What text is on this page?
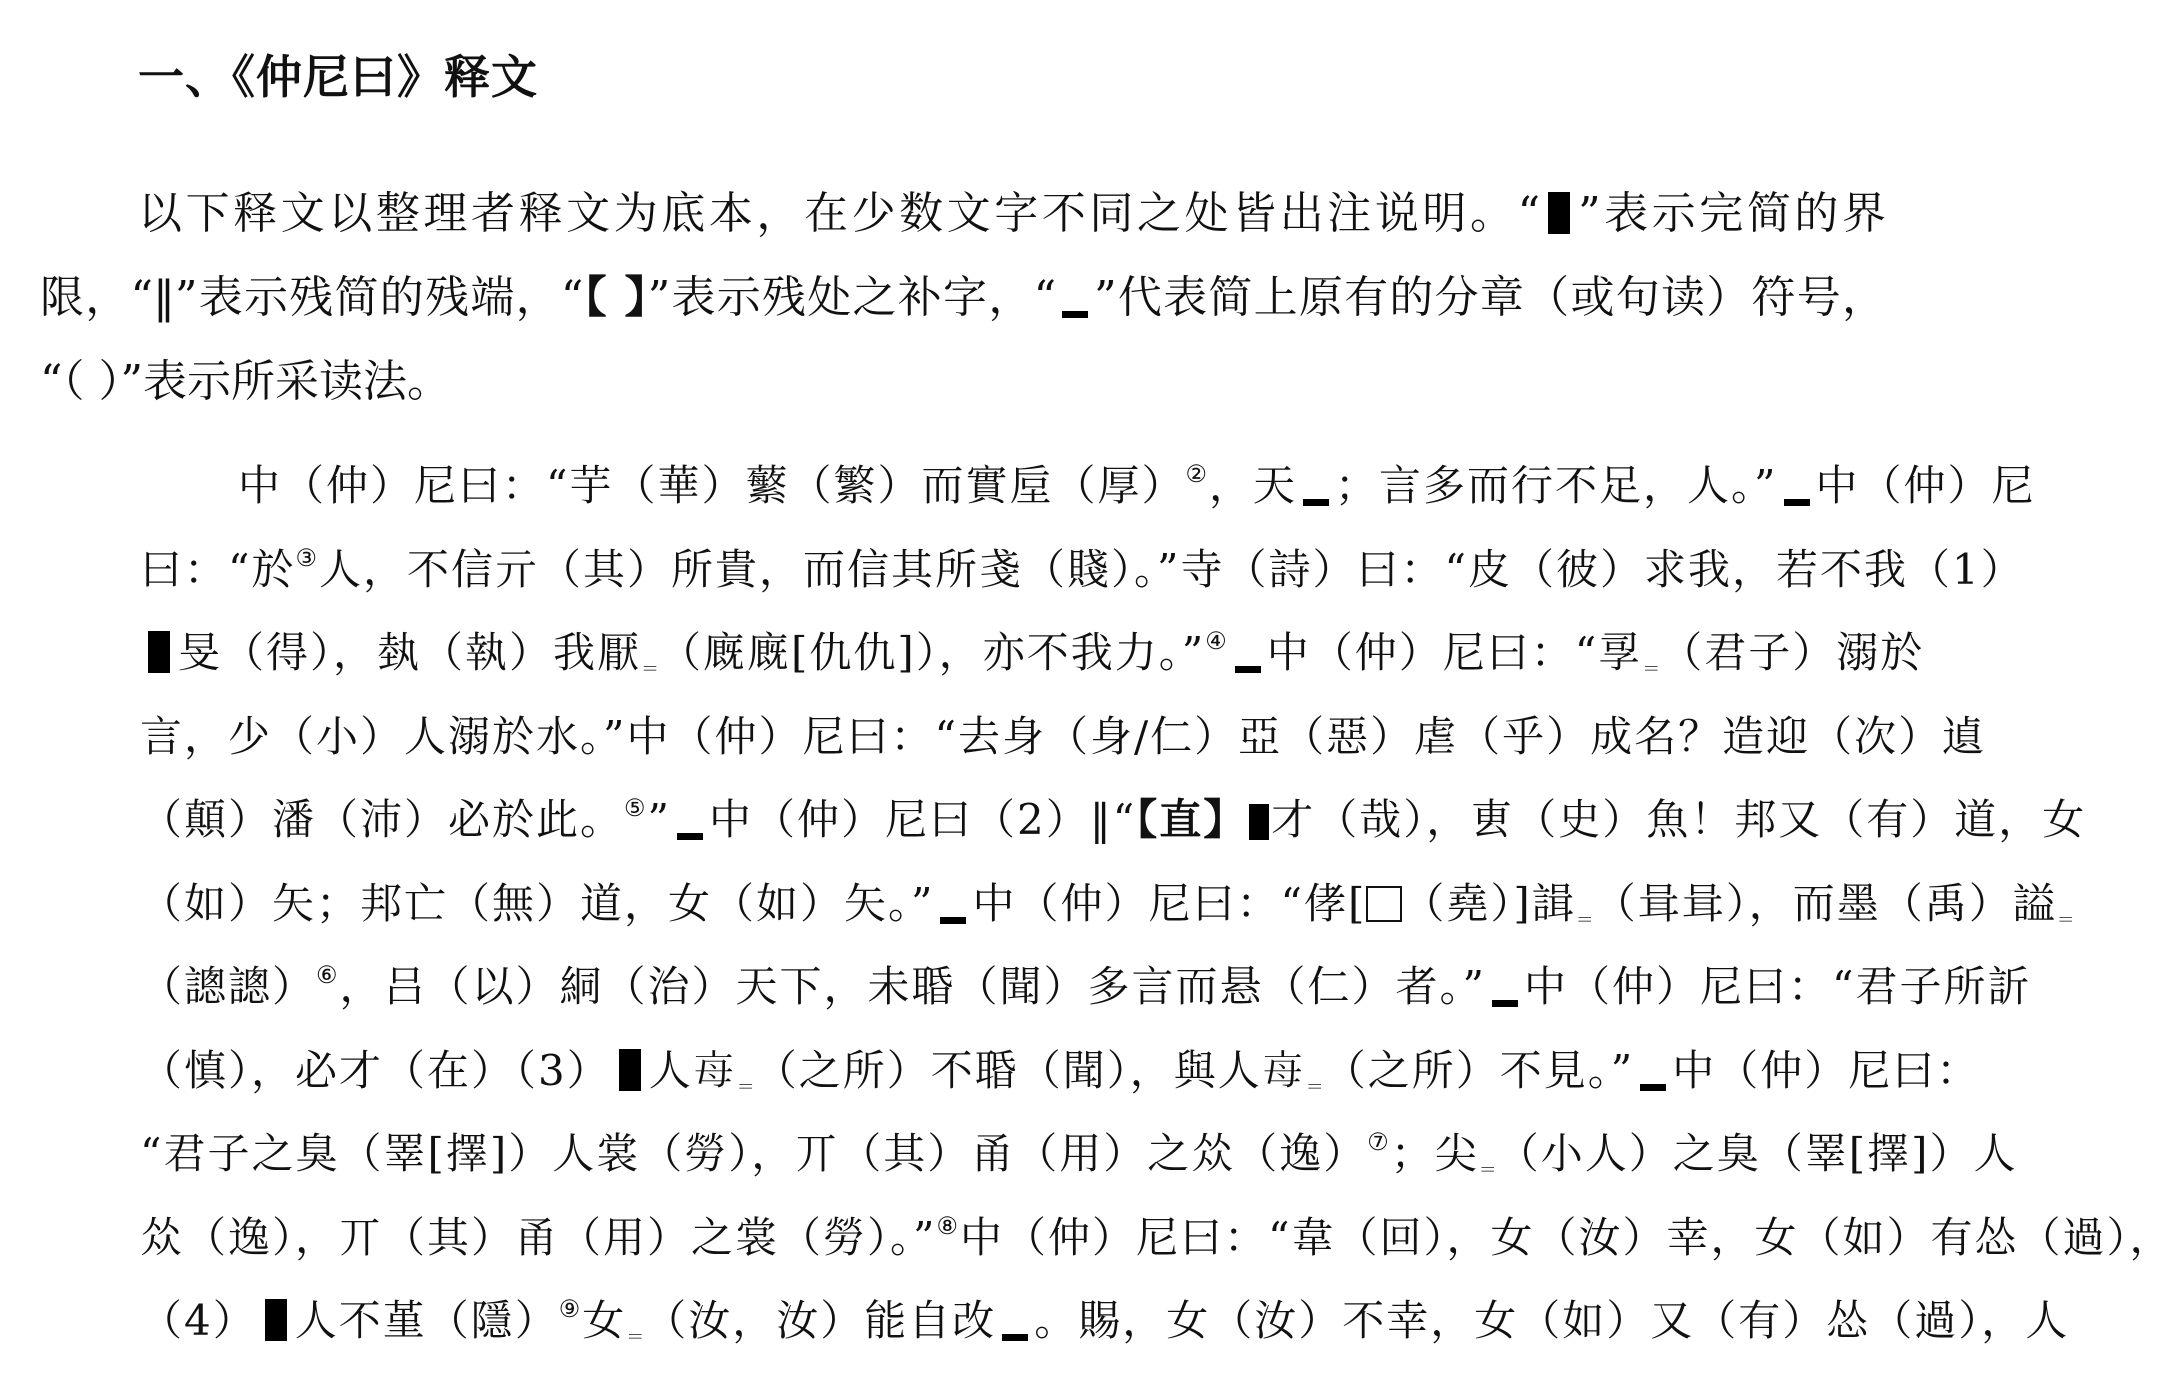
一、《仲尼曰》释文
以下释文以整理者释文为底本，在少数文字不同之处皆出注说明。“ ”表示完简的界
限，“‖”表示残简的残端，“【 】”表示残处之补字，“ ”代表简上原有的分章（或句读）符号，
“（ ）”表示所采读法。
中（仲）尼曰：“芋（華）蘩（繁）而實垕（厚）②，天 ；言多而行不足，人。” 中（仲）尼
曰：“於③人，不信亓（其）所貴，而信其所戔（賤）。”寺（詩）曰：“皮（彼）求我，若不我（1）
旻（得），埶（執）我厭＝（廐廐[仇仇]），亦不我力。”④ 中（仲）尼曰：“孠＝（君子）溺於
言，少（小）人溺於水。”中（仲）尼曰：“去身（身/仁）亞（惡）虐（乎）成名？造迎（次）遉
（顛）潘（沛）必於此。⑤” 中（仲）尼曰（2）‖“【直】 才（哉），叀（史）魚！邦又（有）道，女
（如）矢；邦亡（無）道，女（如）矢。” 中（仲）尼曰：“侾[ （堯）]諿＝（咠咠），而墨（禹）謚＝
（謥謥）⑥，吕（以）絧（治）天下，未䎽（聞）多言而悬（仁）者。” 中（仲）尼曰：“君子所訢
（慎），必才（在）（3） 人𣫭＝（之所）不䎽（聞），與人𣫭＝（之所）不見。” 中（仲）尼曰：
“君子之臭（睪[擇]）人裳（勞），丌（其）甬（用）之𠈌（逸）⑦；尖＝（小人）之臭（睪[擇]）人
𠈌（逸），丌（其）甬（用）之裳（勞）。”⑧中（仲）尼曰：“韋（回），女（汝）幸，女（如）有怂（過），
（4） 人不堇（隱）⑨女＝（汝，汝）能自改 。賜，女（汝）不幸，女（如）又（有）怂（過），人
